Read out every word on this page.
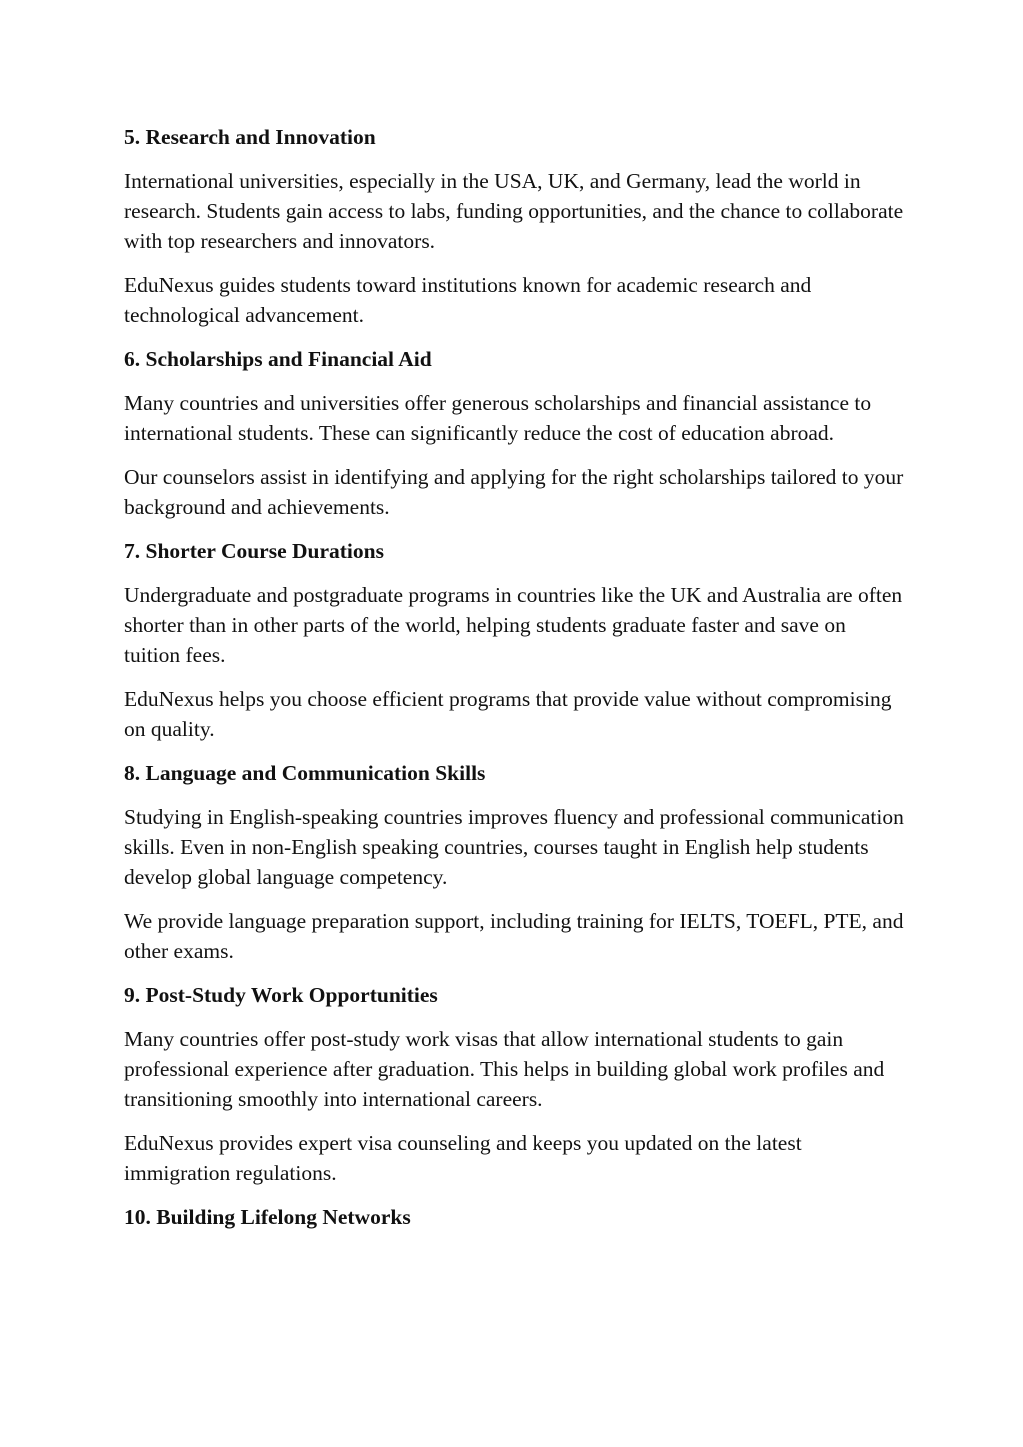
5. Research and Innovation

International universities, especially in the USA, UK, and Germany, lead the world in research. Students gain access to labs, funding opportunities, and the chance to collaborate with top researchers and innovators.

EduNexus guides students toward institutions known for academic research and technological advancement.

6. Scholarships and Financial Aid

Many countries and universities offer generous scholarships and financial assistance to international students. These can significantly reduce the cost of education abroad.

Our counselors assist in identifying and applying for the right scholarships tailored to your background and achievements.

7. Shorter Course Durations

Undergraduate and postgraduate programs in countries like the UK and Australia are often shorter than in other parts of the world, helping students graduate faster and save on tuition fees.

EduNexus helps you choose efficient programs that provide value without compromising on quality.

8. Language and Communication Skills

Studying in English-speaking countries improves fluency and professional communication skills. Even in non-English speaking countries, courses taught in English help students develop global language competency.

We provide language preparation support, including training for IELTS, TOEFL, PTE, and other exams.

9. Post-Study Work Opportunities

Many countries offer post-study work visas that allow international students to gain professional experience after graduation. This helps in building global work profiles and transitioning smoothly into international careers.

EduNexus provides expert visa counseling and keeps you updated on the latest immigration regulations.

10. Building Lifelong Networks
